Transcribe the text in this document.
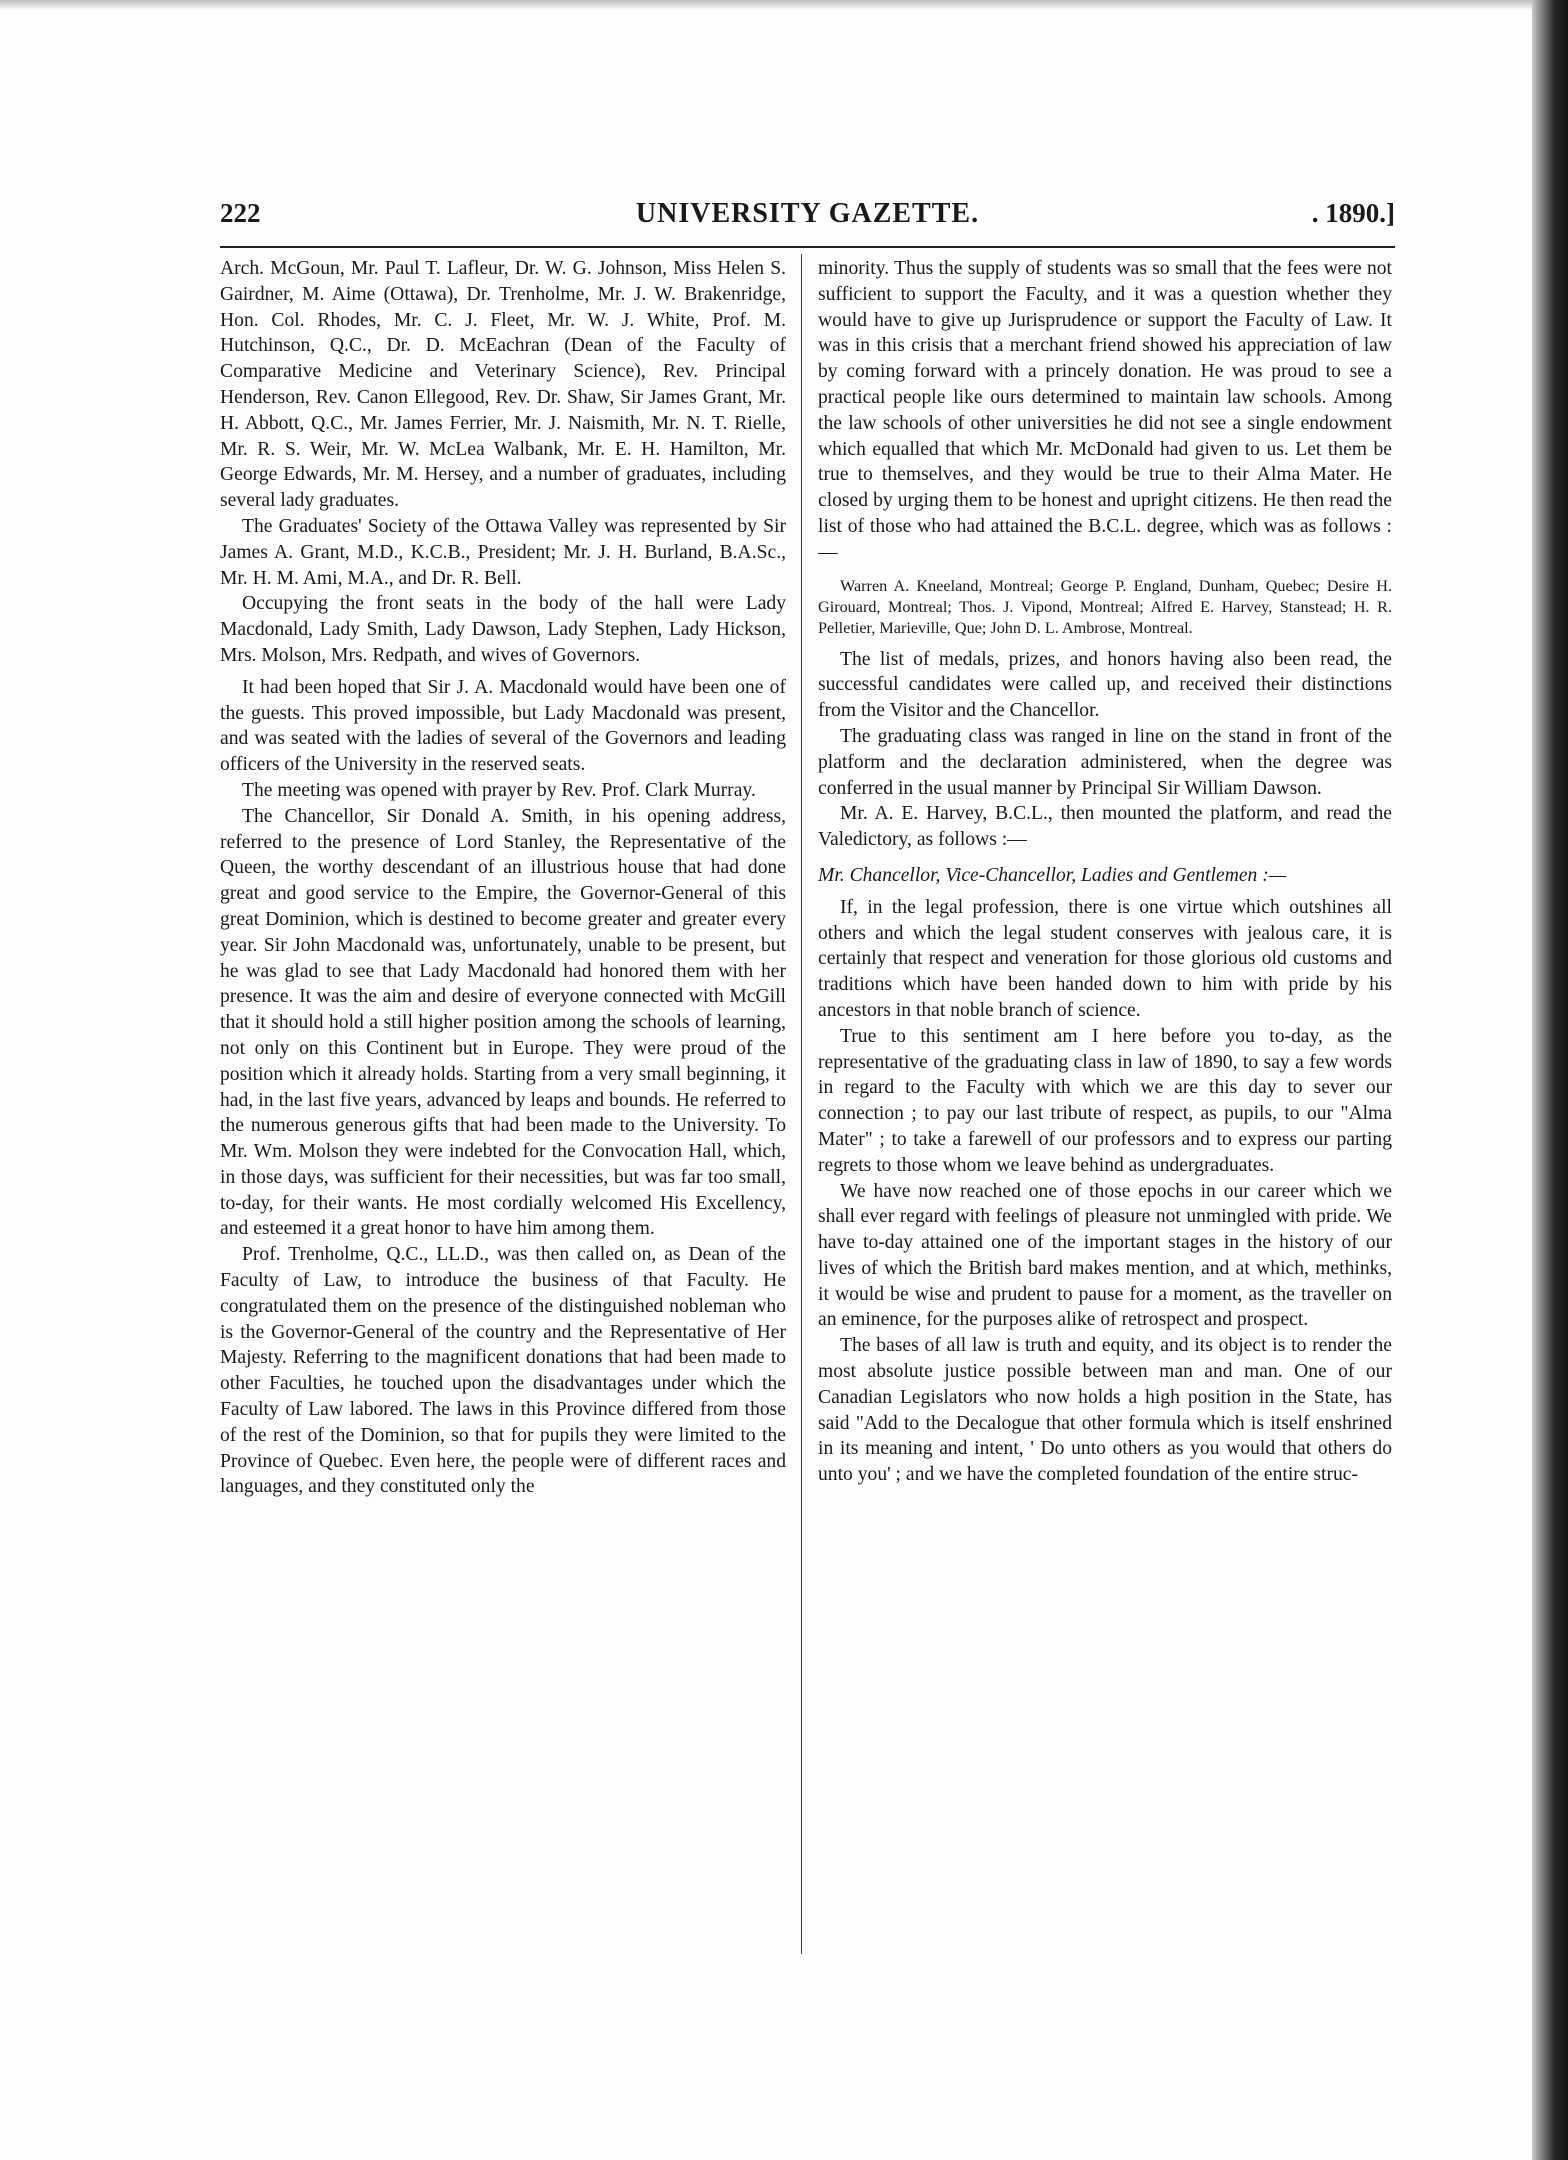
222	UNIVERSITY GAZETTE.	. 1890.]

Arch. McGoun, Mr. Paul T. Lafleur, Dr. W. G. Johnson, Miss Helen S. Gairdner, M. Aime (Ottawa), Dr. Trenholme, Mr. J. W. Brakenridge, Hon. Col. Rhodes, Mr. C. J. Fleet, Mr. W. J. White, Prof. M. Hutchinson, Q.C., Dr. D. McEachran (Dean of the Faculty of Comparative Medicine and Veterinary Science), Rev. Principal Henderson, Rev. Canon Ellegood, Rev. Dr. Shaw, Sir James Grant, Mr. H. Abbott, Q.C., Mr. James Ferrier, Mr. J. Naismith, Mr. N. T. Rielle, Mr. R. S. Weir, Mr. W. McLea Walbank, Mr. E. H. Hamilton, Mr. George Edwards, Mr. M. Hersey, and a number of graduates, including several lady graduates.

The Graduates' Society of the Ottawa Valley was represented by Sir James A. Grant, M.D., K.C.B., President; Mr. J. H. Burland, B.A.Sc., Mr. H. M. Ami, M.A., and Dr. R. Bell.

Occupying the front seats in the body of the hall were Lady Macdonald, Lady Smith, Lady Dawson, Lady Stephen, Lady Hickson, Mrs. Molson, Mrs. Redpath, and wives of Governors.

It had been hoped that Sir J. A. Macdonald would have been one of the guests. This proved impossible, but Lady Macdonald was present, and was seated with the ladies of several of the Governors and leading officers of the University in the reserved seats.

The meeting was opened with prayer by Rev. Prof. Clark Murray.

The Chancellor, Sir Donald A. Smith, in his opening address, referred to the presence of Lord Stanley, the Representative of the Queen, the worthy descendant of an illustrious house that had done great and good service to the Empire, the Governor-General of this great Dominion, which is destined to become greater and greater every year. Sir John Macdonald was, unfortunately, unable to be present, but he was glad to see that Lady Macdonald had honored them with her presence. It was the aim and desire of everyone connected with McGill that it should hold a still higher position among the schools of learning, not only on this Continent but in Europe. They were proud of the position which it already holds. Starting from a very small beginning, it had, in the last five years, advanced by leaps and bounds. He referred to the numerous generous gifts that had been made to the University. To Mr. Wm. Molson they were indebted for the Convocation Hall, which, in those days, was sufficient for their necessities, but was far too small, to-day, for their wants. He most cordially welcomed His Excellency, and esteemed it a great honor to have him among them.

Prof. Trenholme, Q.C., LL.D., was then called on, as Dean of the Faculty of Law, to introduce the business of that Faculty. He congratulated them on the presence of the distinguished nobleman who is the Governor-General of the country and the Representative of Her Majesty. Referring to the magnificent donations that had been made to other Faculties, he touched upon the disadvantages under which the Faculty of Law labored. The laws in this Province differed from those of the rest of the Dominion, so that for pupils they were limited to the Province of Quebec. Even here, the people were of different races and languages, and they constituted only the

minority. Thus the supply of students was so small that the fees were not sufficient to support the Faculty, and it was a question whether they would have to give up Jurisprudence or support the Faculty of Law. It was in this crisis that a merchant friend showed his appreciation of law by coming forward with a princely donation. He was proud to see a practical people like ours determined to maintain law schools. Among the law schools of other universities he did not see a single endowment which equalled that which Mr. McDonald had given to us. Let them be true to themselves, and they would be true to their Alma Mater. He closed by urging them to be honest and upright citizens. He then read the list of those who had attained the B.C.L. degree, which was as follows :—

Warren A. Kneeland, Montreal; George P. England, Dunham, Quebec; Desire H. Girouard, Montreal; Thos. J. Vipond, Montreal; Alfred E. Harvey, Stanstead; H. R. Pelletier, Marieville, Que; John D. L. Ambrose, Montreal.

The list of medals, prizes, and honors having also been read, the successful candidates were called up, and received their distinctions from the Visitor and the Chancellor.

The graduating class was ranged in line on the stand in front of the platform and the declaration administered, when the degree was conferred in the usual manner by Principal Sir William Dawson.

Mr. A. E. Harvey, B.C.L., then mounted the platform, and read the Valedictory, as follows :—

Mr. Chancellor, Vice-Chancellor, Ladies and Gentlemen :—

If, in the legal profession, there is one virtue which outshines all others and which the legal student conserves with jealous care, it is certainly that respect and veneration for those glorious old customs and traditions which have been handed down to him with pride by his ancestors in that noble branch of science.

True to this sentiment am I here before you to-day, as the representative of the graduating class in law of 1890, to say a few words in regard to the Faculty with which we are this day to sever our connection ; to pay our last tribute of respect, as pupils, to our "Alma Mater" ; to take a farewell of our professors and to express our parting regrets to those whom we leave behind as undergraduates.

We have now reached one of those epochs in our career which we shall ever regard with feelings of pleasure not unmingled with pride. We have to-day attained one of the important stages in the history of our lives of which the British bard makes mention, and at which, methinks, it would be wise and prudent to pause for a moment, as the traveller on an eminence, for the purposes alike of retrospect and prospect.

The bases of all law is truth and equity, and its object is to render the most absolute justice possible between man and man. One of our Canadian Legislators who now holds a high position in the State, has said "Add to the Decalogue that other formula which is itself enshrined in its meaning and intent, ' Do unto others as you would that others do unto you' ; and we have the completed foundation of the entire struc-
